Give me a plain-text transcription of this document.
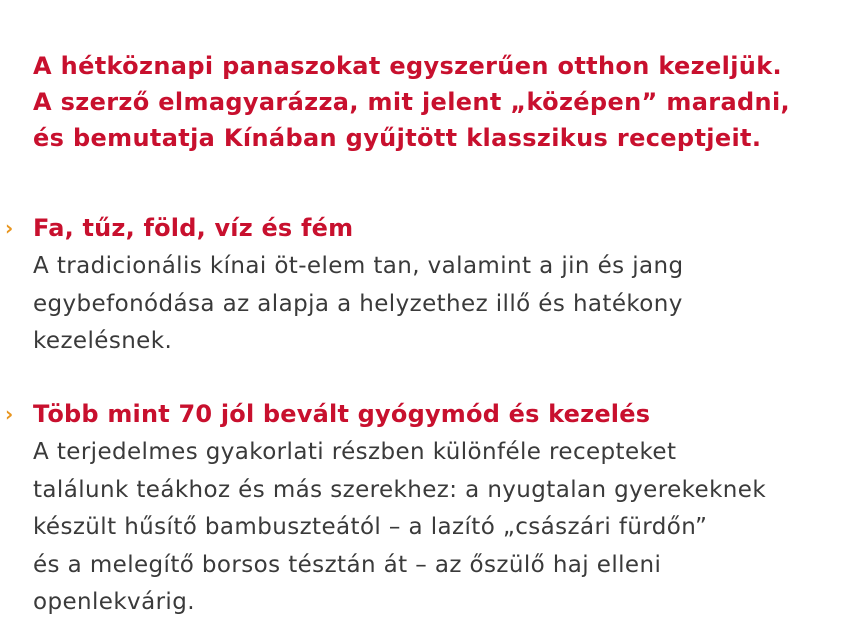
A hétköznapi panaszokat egyszerűen otthon kezeljük.
A szerző elmagyarázza, mit jelent „középen” maradni,
és bemutatja Kínában gyűjtött klasszikus receptjeit.

› Fa, tűz, föld, víz és fém

A tradicionális kínai öt-elem tan, valamint a jin és jang
egybefonódása az alapja a helyzethez illő és hatékony
kezelésnek.

› Több mint 70 jól bevált gyógymód és kezelés

A terjedelmes gyakorlati részben különféle recepteket
találunk teákhoz és más szerekhez: a nyugtalan gyerekeknek
készült hűsítő bambuszteától – a lazító „császári fürdőn”
és a melegítő borsos tésztán át – az őszülő haj elleni
openlekvárig.
